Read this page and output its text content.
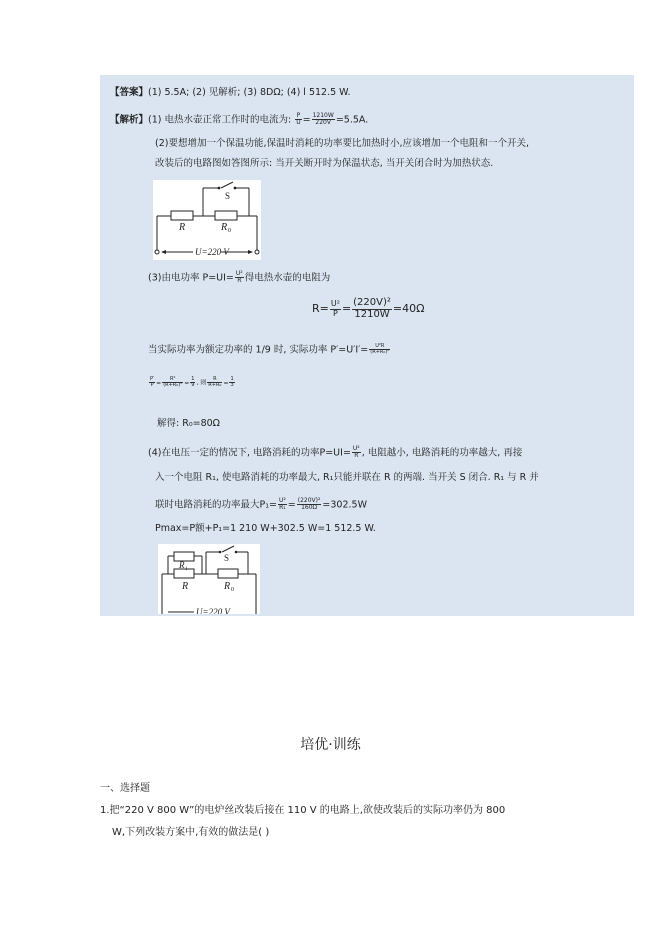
【答案】(1) 5.5A; (2) 见解析; (3) 8DΩ; (4) l 512.5 W.
【解析】(1) 电热水壶正常工作时的电流为: $\frac{P}{U} = \frac{1210W}{220V} =5.5A$.
(2)要想增加一个保温功能,保温时消耗的功率要比加热时小,应该增加一个电阻和一个开关,
改装后的电路图如答图所示: 当开关断开时为保温状态, 当开关闭合时为加热状态.
S
R	R 0
U=220 V
(3)由电功率 $P=UI= \frac{\text{U²}}{R}$ 得电热水壶的电阻为
$R= \frac{\text{U²}}{P} = \frac{\text{(220V)²}}{1210W} =40\Omega$
当实际功率为额定功率的 1/9 时, 实际功率 $P'=U'I'= \frac{\text{U²R}}{\text{(R+R₀)²}}$
$\frac{P'}{P} = \frac{\text{R²}}{\text{(R+R₀)²}} = \frac{1}{9}$ , 则 $\frac{R}{\text{R+R₀}} = \frac{1}{3}$
解得: R₀=80Ω
(4)在电压一定的情况下, 电路消耗的功率$P=UI= \frac{\text{U²}}{R}$ , 电阻越小, 电路消耗的功率越大, 再接
入一个电阻 R₁, 使电路消耗的功率最大, R₁只能并联在 R 的两端. 当开关 S 闭合. R₁ 与 R 并
联时电路消耗的功率最大$P_1= \frac{\text{U²}}{\text{R₁}} = \frac{\text{(220V)²}}{160\Omega} =302.5W$
Pmax=P额+P₁=1 210 W+302.5 W=1 512.5 W.
S
R 1
R	R 0
U=220 V
培优·训练
一、选择题
1.把“220 V 800 W”的电炉丝改装后接在 110 V 的电路上,欲使改装后的实际功率仍为 800
W,下列改装方案中,有效的做法是( )
